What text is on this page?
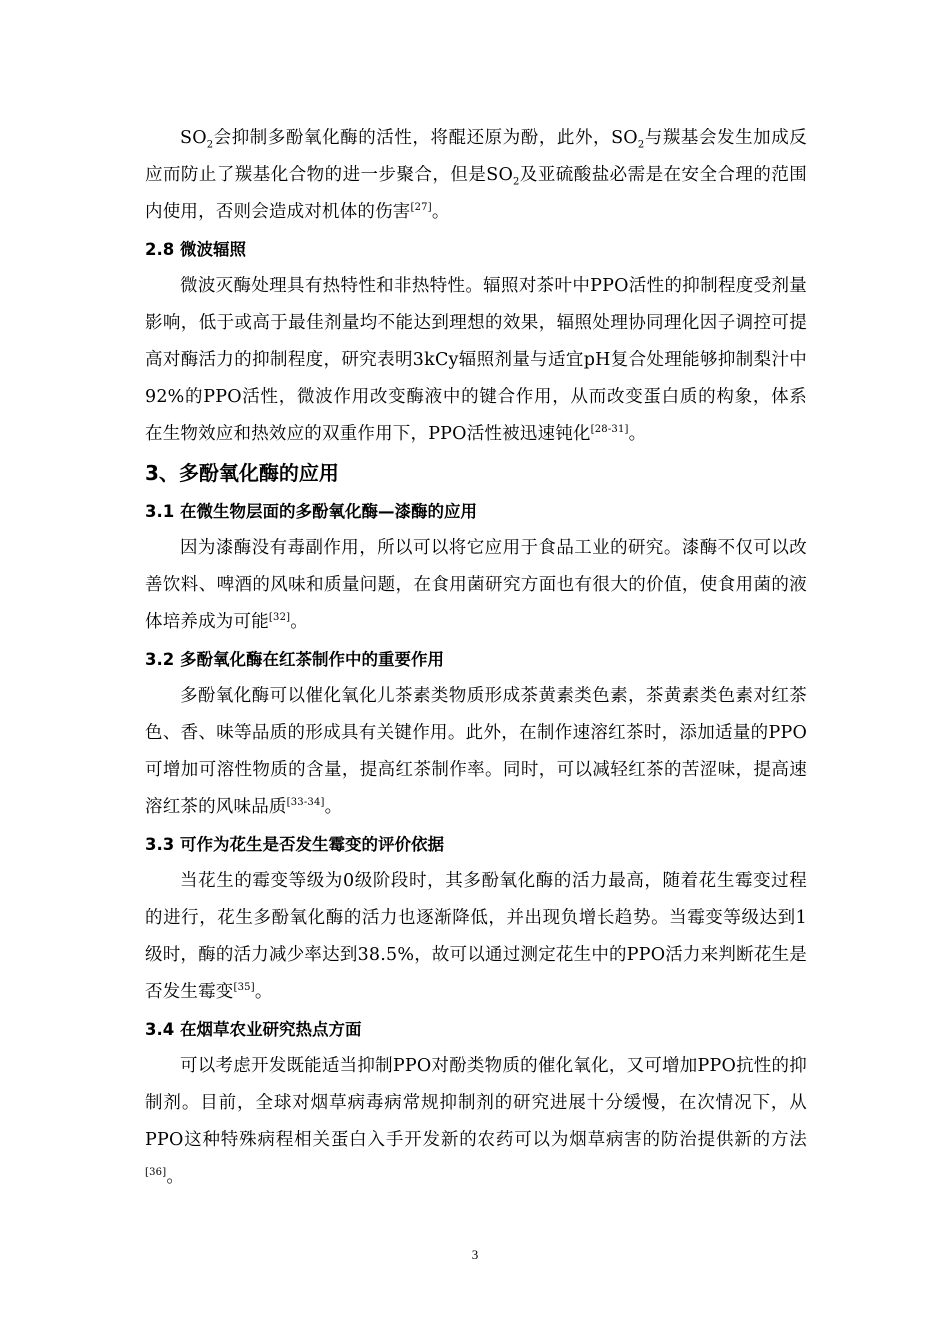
$SO_2$会抑制多酚氧化酶的活性，将醌还原为酚，此外，$SO_2$与羰基会发生加成反应而防止了羰基化合物的进一步聚合，但是$SO_2$及亚硫酸盐必需是在安全合理的范围内使用，否则会造成对机体的伤害[27]。

2.8 微波辐照

微波灭酶处理具有热特性和非热特性。辐照对茶叶中PPO活性的抑制程度受剂量影响，低于或高于最佳剂量均不能达到理想的效果，辐照处理协同理化因子调控可提高对酶活力的抑制程度，研究表明3kCy辐照剂量与适宜pH复合处理能够抑制梨汁中92%的PPO活性，微波作用改变酶液中的键合作用，从而改变蛋白质的构象，体系在生物效应和热效应的双重作用下，PPO活性被迅速钝化[28-31]。

3、多酚氧化酶的应用
3.1 在微生物层面的多酚氧化酶—漆酶的应用

因为漆酶没有毒副作用，所以可以将它应用于食品工业的研究。漆酶不仅可以改善饮料、啤酒的风味和质量问题，在食用菌研究方面也有很大的价值，使食用菌的液体培养成为可能[32]。

3.2 多酚氧化酶在红茶制作中的重要作用

多酚氧化酶可以催化氧化儿茶素类物质形成茶黄素类色素，茶黄素类色素对红茶色、香、味等品质的形成具有关键作用。此外，在制作速溶红茶时，添加适量的PPO可增加可溶性物质的含量，提高红茶制作率。同时，可以减轻红茶的苦涩味，提高速溶红茶的风味品质[33-34]。

3.3 可作为花生是否发生霉变的评价依据

当花生的霉变等级为0级阶段时，其多酚氧化酶的活力最高，随着花生霉变过程的进行，花生多酚氧化酶的活力也逐渐降低，并出现负增长趋势。当霉变等级达到1级时，酶的活力减少率达到38.5%，故可以通过测定花生中的PPO活力来判断花生是否发生霉变[35]。

3.4 在烟草农业研究热点方面

可以考虑开发既能适当抑制PPO对酚类物质的催化氧化，又可增加PPO抗性的抑制剂。目前，全球对烟草病毒病常规抑制剂的研究进展十分缓慢，在次情况下，从PPO这种特殊病程相关蛋白入手开发新的农药可以为烟草病害的防治提供新的方法[36]。

3
